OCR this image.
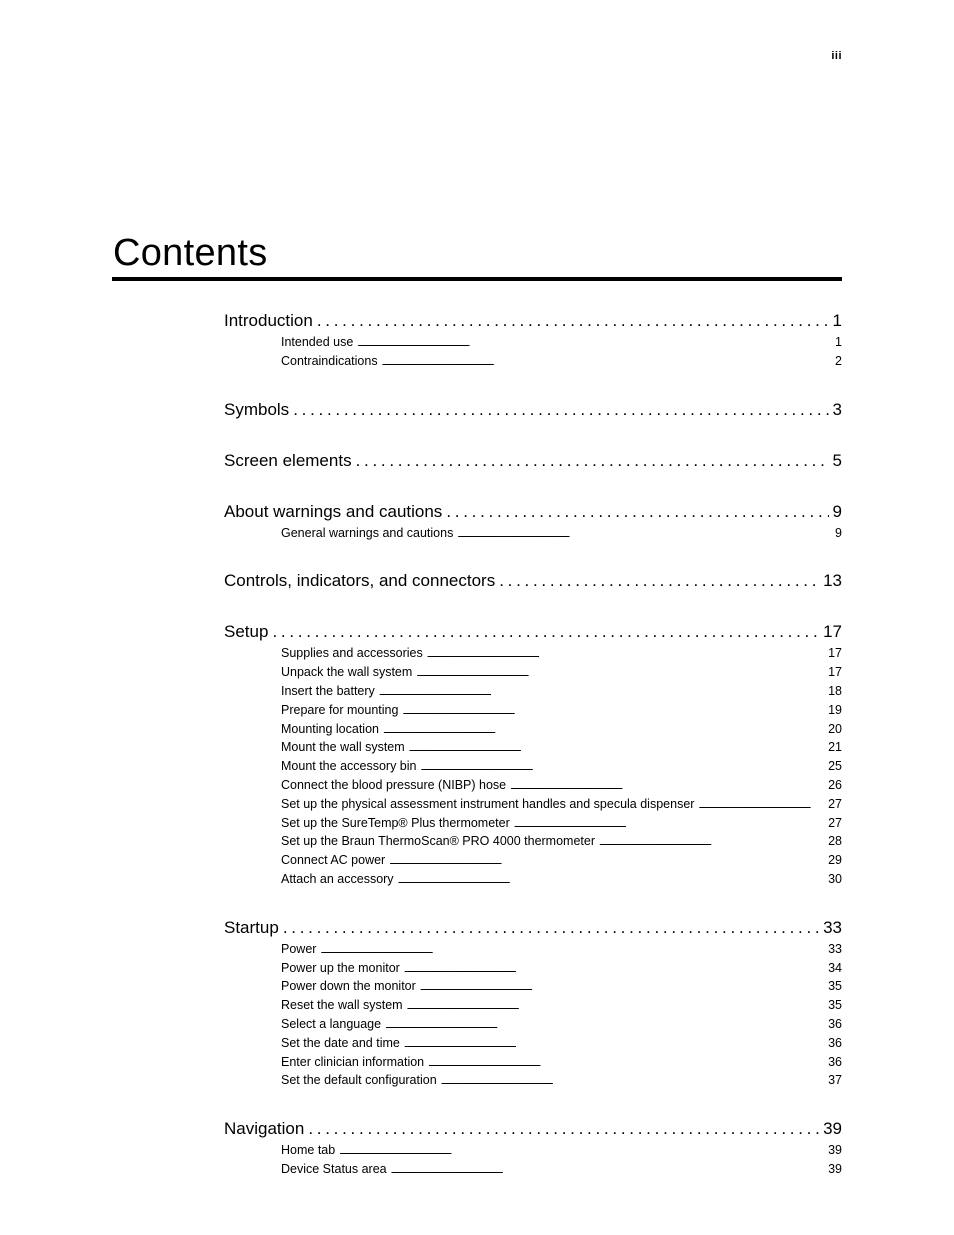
iii
Contents
Introduction . . .	1
Intended use . . .	1
Contraindications . . .	2
Symbols . . .	3
Screen elements . . .	5
About warnings and cautions . . .	9
General warnings and cautions . . .	9
Controls, indicators, and connectors . . .	13
Setup . . .	17
Supplies and accessories . . .	17
Unpack the wall system . . .	17
Insert the battery . . .	18
Prepare for mounting . . .	19
Mounting location . . .	20
Mount the wall system . . .	21
Mount the accessory bin . . .	25
Connect the blood pressure (NIBP) hose . . .	26
Set up the physical assessment instrument handles and specula dispenser . . .	27
Set up the SureTemp® Plus thermometer . . .	27
Set up the Braun ThermoScan® PRO 4000 thermometer . . .	28
Connect AC power . . .	29
Attach an accessory . . .	30
Startup . . .	33
Power . . .	33
Power up the monitor . . .	34
Power down the monitor . . .	35
Reset the wall system . . .	35
Select a language . . .	36
Set the date and time . . .	36
Enter clinician information . . .	36
Set the default configuration . . .	37
Navigation . . .	39
Home tab . . .	39
Device Status area . . .	39
